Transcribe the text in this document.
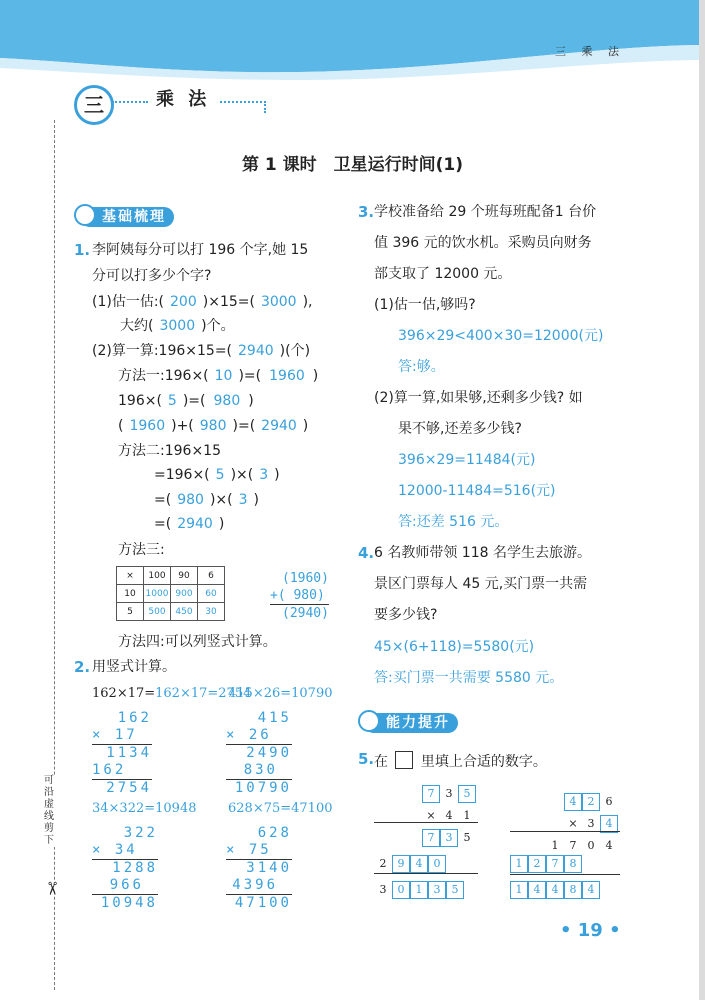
三 乘 法
三	乘 法
第 1 课时　卫星运行时间(1)
可沿虚线剪下
✂
基础梳理
1. 李阿姨每分可以打 196 个字,她 15
分可以打多少个字?
(1)估一估:( 200 )×15=( 3000 ),
大约( 3000 )个。
(2)算一算:196×15=( 2940 )(个)
方法一:196×( 10 )=( 1960 )
196×( 5 )=( 980 )
( 1960 )+( 980 )=( 2940 )
方法二:196×15
=196×( 5 )×( 3 )
=( 980 )×( 3 )
=( 2940 )
方法三:
×	100	90	6
10	1000	900	60
5	500	450	30
(1960)
+( 980)
(2940)
方法四:可以列竖式计算。
2. 用竖式计算。
162×17=162×17=2754
415×26=10790
162
× 17
1134
162
2754
415
× 26
2490
830
10790
34×322=10948 628×75=47100
322
× 34
1288
966
10948
628
× 75
3140
4396
47100
3. 学校准备给 29 个班每班配备1 台价
值 396 元的饮水机。采购员向财务
部支取了 12000 元。
(1)估一估,够吗?
396×29<400×30=12000(元)
答:够。
(2)算一算,如果够,还剩多少钱? 如
果不够,还差多少钱?
396×29=11484(元)
12000-11484=516(元)
答:还差 516 元。
4. 6 名教师带领 118 名学生去旅游。
景区门票每人 45 元,买门票一共需
要多少钱?
45×(6+118)=5580(元)
答:买门票一共需要 5580 元。
能力提升
5. 在 里填上合适的数字。
7 3 5
× 4 1
7 3 5
2 9 4 0
3 0 1 3 5
4 2 6
× 3 4
1 7 0 4
1 2 7 8
1 4 4 8 4
• 19 •
